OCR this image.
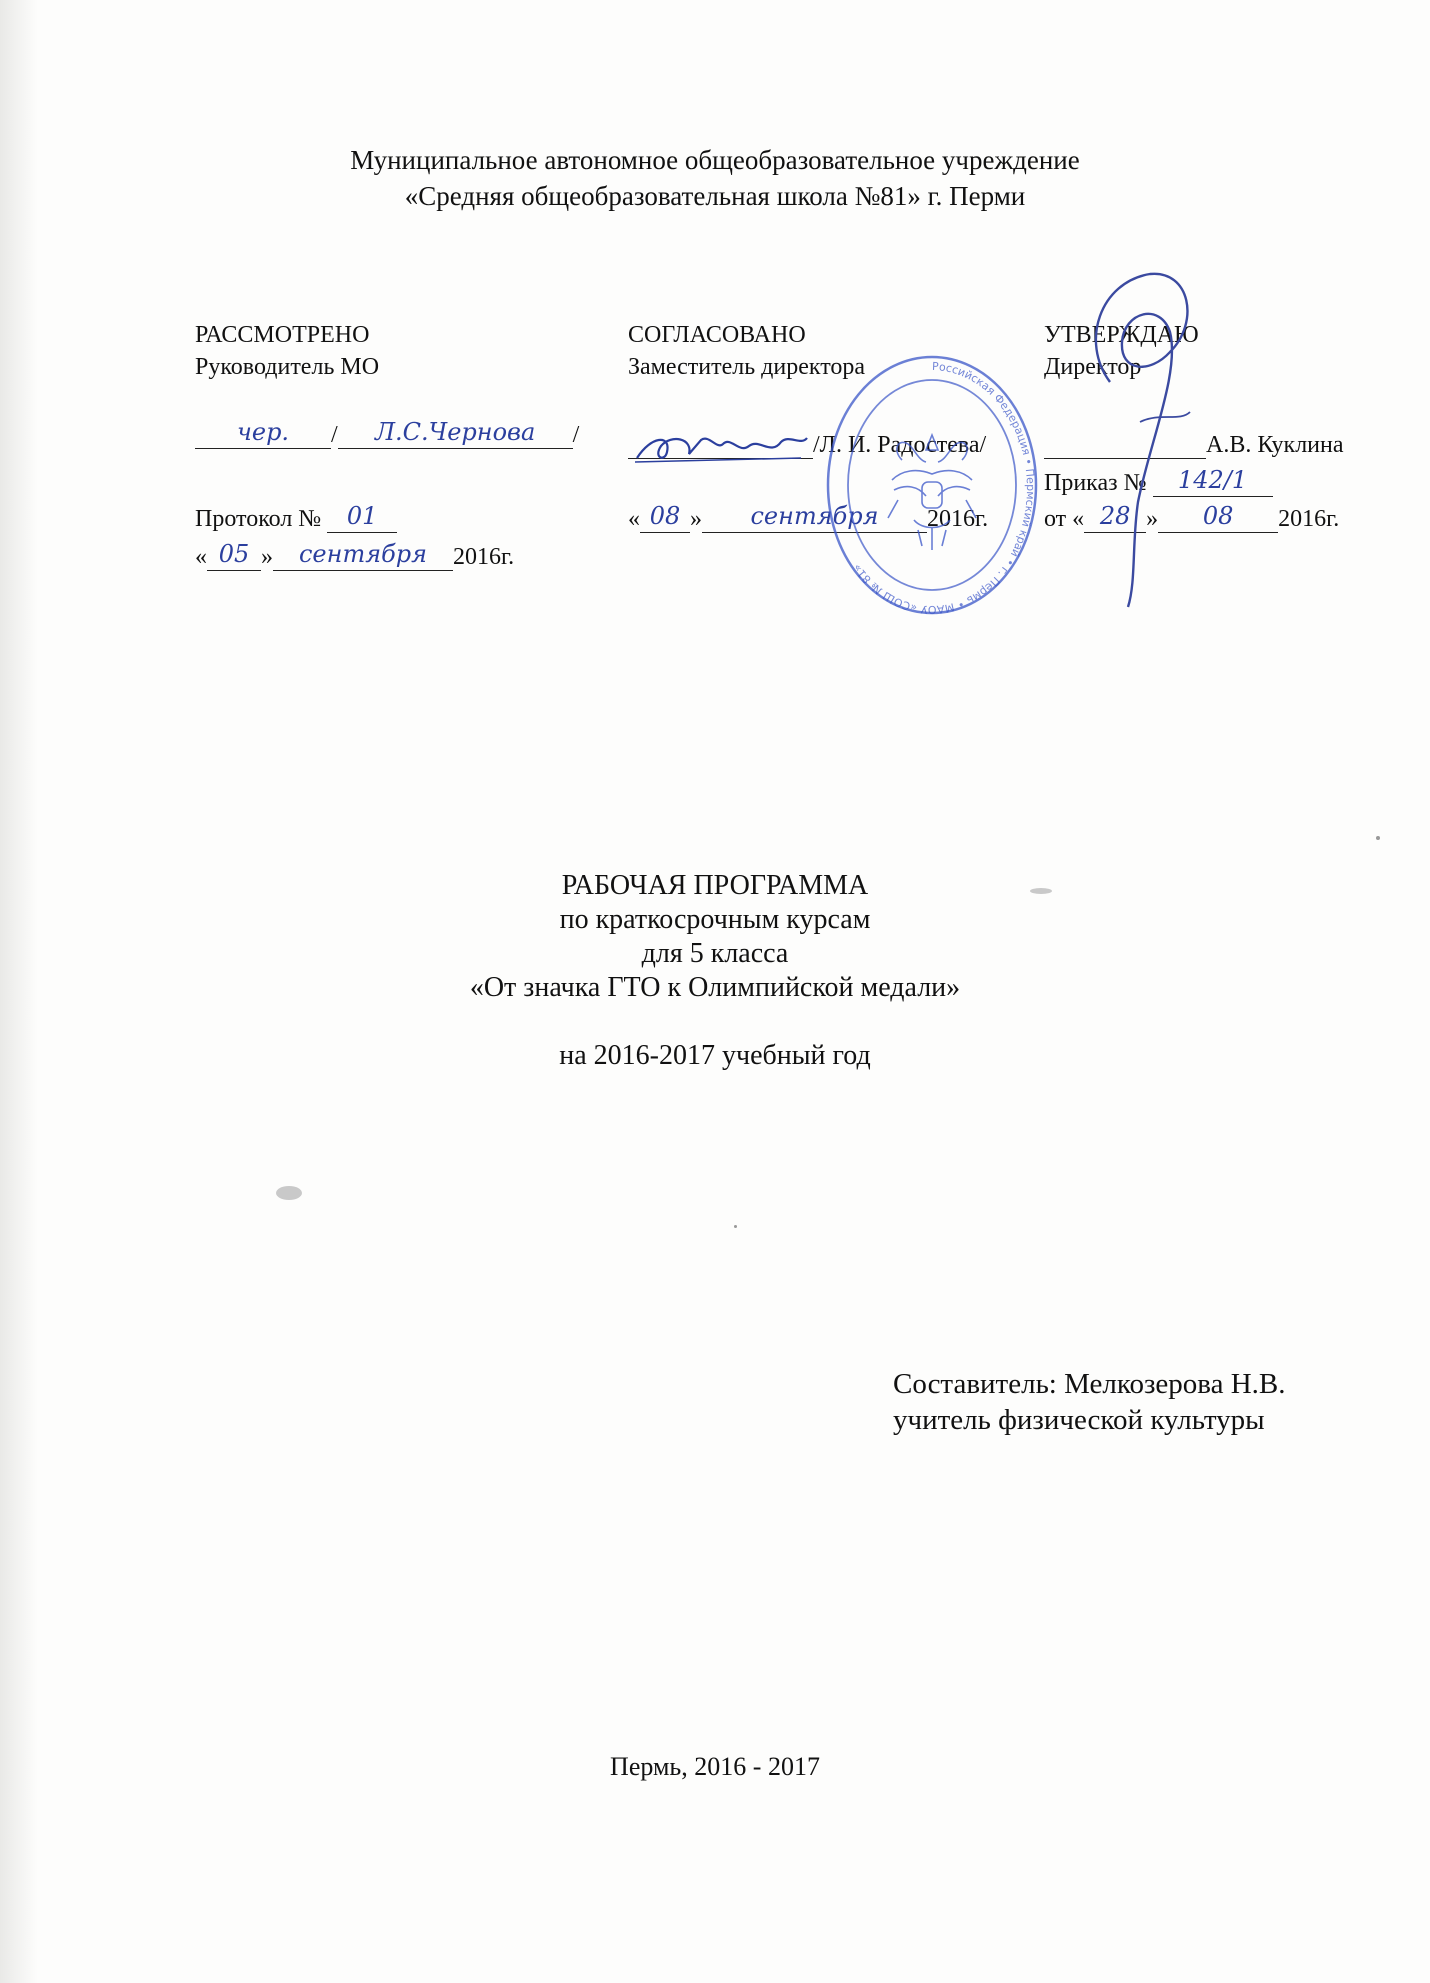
Муниципальное автономное общеобразовательное учреждение
«Средняя общеобразовательная школа №81» г. Перми
РАССМОТРЕНО
Руководитель МО
чер. / Л.С.Чернова /
Протокол № 01
« 05 » сентября 2016г.
СОГЛАСОВАНО
Заместитель директора
/Л. И. Радостева/
« 08 » сентября 2016г.
УТВЕРЖДАЮ
Директор
А.В. Куклина
Приказ № 142/1
от « 28 » 08 2016г.
Российская Федерация • Пермский край • г. Пермь • МАОУ «СОШ № 81»
РАБОЧАЯ ПРОГРАММА
по краткосрочным курсам
для 5 класса
«От значка ГТО к Олимпийской медали»
на 2016-2017 учебный год
Составитель: Мелкозерова Н.В.
учитель физической культуры
Пермь, 2016 - 2017
